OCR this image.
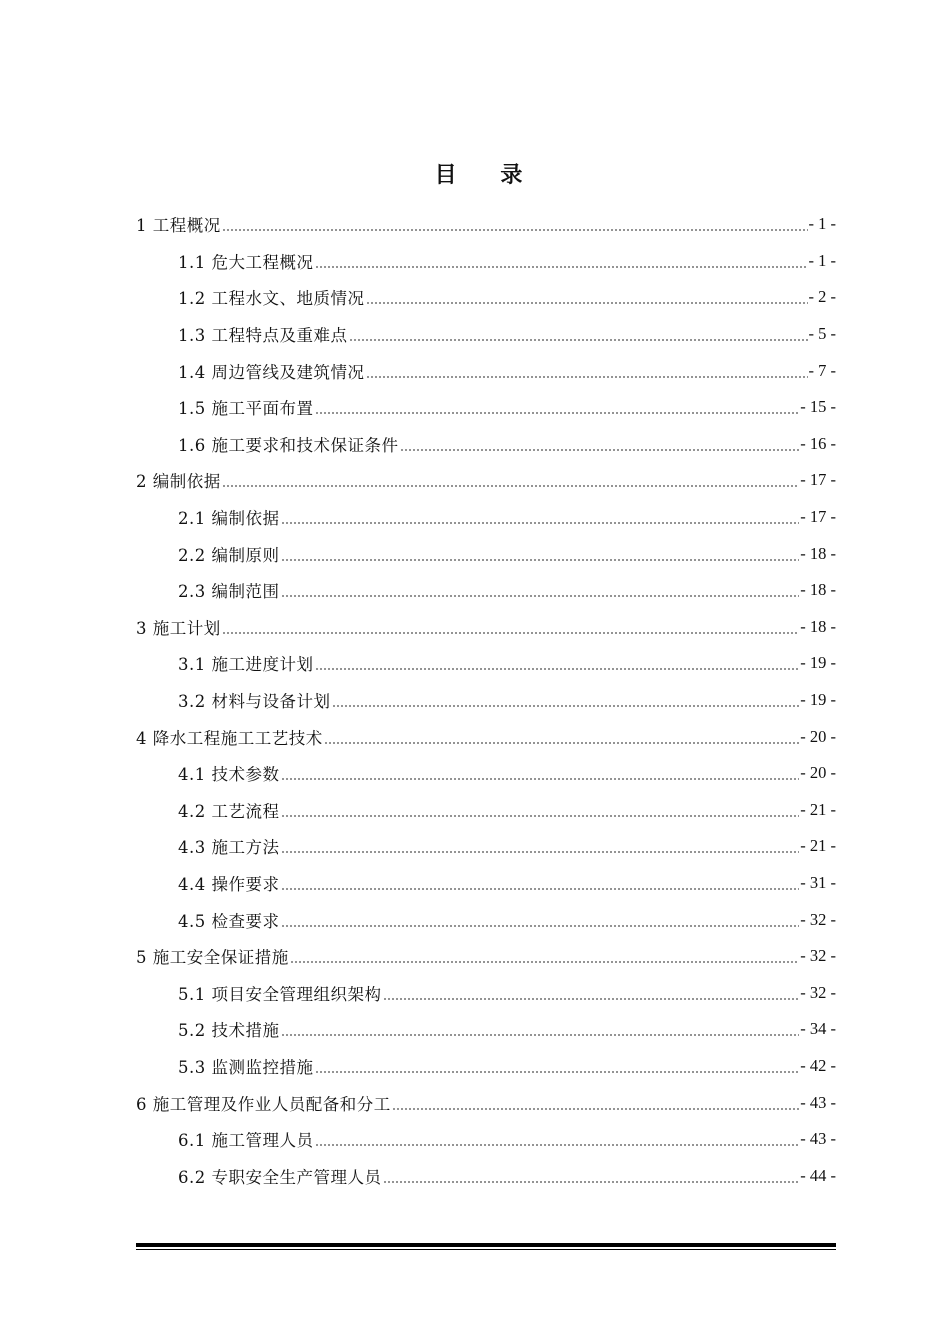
目 录
1 工程概况	- 1 -
1.1 危大工程概况	- 1 -
1.2 工程水文、地质情况	- 2 -
1.3 工程特点及重难点	- 5 -
1.4 周边管线及建筑情况	- 7 -
1.5 施工平面布置	- 15 -
1.6 施工要求和技术保证条件	- 16 -
2 编制依据	- 17 -
2.1 编制依据	- 17 -
2.2 编制原则	- 18 -
2.3 编制范围	- 18 -
3 施工计划	- 18 -
3.1 施工进度计划	- 19 -
3.2 材料与设备计划	- 19 -
4 降水工程施工工艺技术	- 20 -
4.1 技术参数	- 20 -
4.2 工艺流程	- 21 -
4.3 施工方法	- 21 -
4.4 操作要求	- 31 -
4.5 检查要求	- 32 -
5 施工安全保证措施	- 32 -
5.1 项目安全管理组织架构	- 32 -
5.2 技术措施	- 34 -
5.3 监测监控措施	- 42 -
6 施工管理及作业人员配备和分工	- 43 -
6.1 施工管理人员	- 43 -
6.2 专职安全生产管理人员	- 44 -
